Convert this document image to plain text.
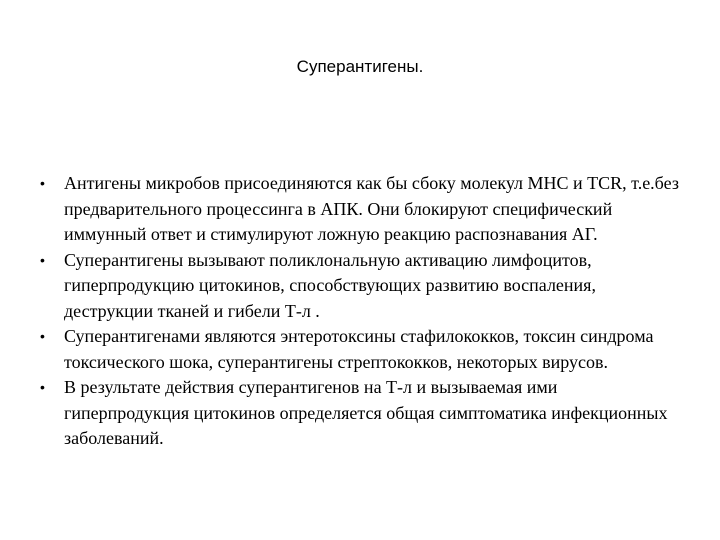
Суперантигены.
•	Антигены микробов присоединяются как бы сбоку молекул MHC и TCR, т.е.без предварительного процессинга в АПК. Они блокируют специфический иммунный ответ и стимулируют ложную реакцию распознавания АГ.
•	Суперантигены вызывают поликлональную активацию лимфоцитов, гиперпродукцию цитокинов, способствующих развитию воспаления, деструкции тканей и гибели Т-л .
•	Суперантигенами являются энтеротоксины стафилококков, токсин синдрома токсического шока, суперантигены стрептококков, некоторых вирусов.
•	В результате действия суперантигенов на Т-л и вызываемая ими гиперпродукция цитокинов определяется общая симптоматика инфекционных заболеваний.
